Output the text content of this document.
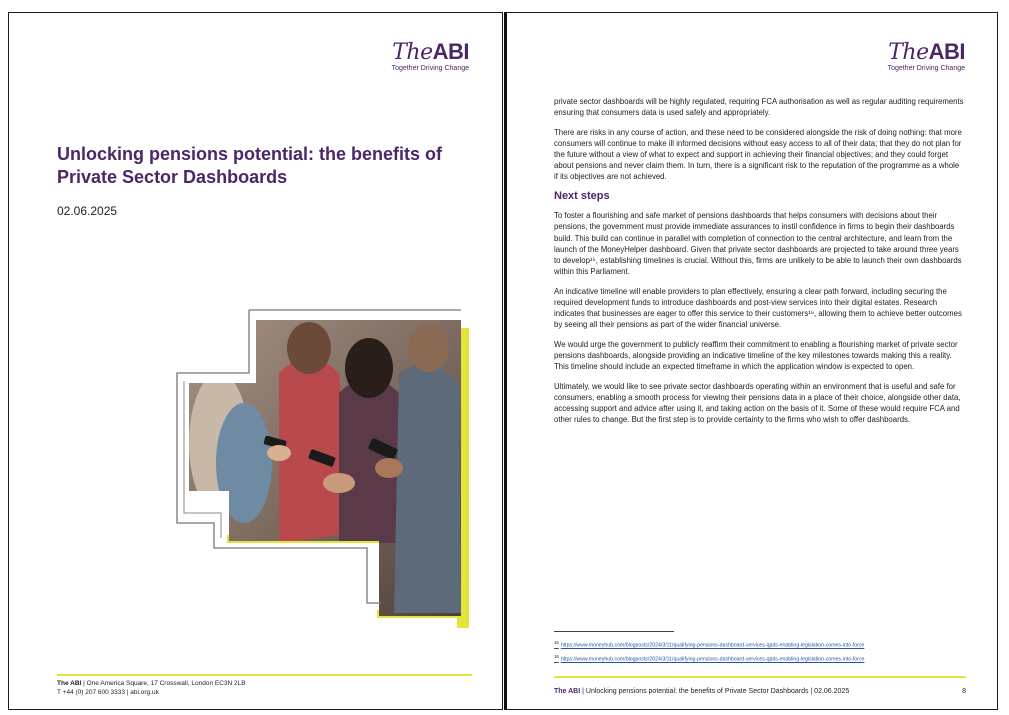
TheABI
Together Driving Change
Unlocking pensions potential: the benefits of Private Sector Dashboards
02.06.2025
The ABI | One America Square, 17 Crosswall, London EC3N 2LB
T +44 (0) 207 600 3333 | abi.org.uk
TheABI
Together Driving Change

private sector dashboards will be highly regulated, requiring FCA authorisation as well as regular auditing requirements ensuring that consumers data is used safely and appropriately.

There are risks in any course of action, and these need to be considered alongside the risk of doing nothing: that more consumers will continue to make ill informed decisions without easy access to all of their data; that they do not plan for the future without a view of what to expect and support in achieving their financial objectives; and they could forget about pensions and never claim them. In turn, there is a significant risk to the reputation of the programme as a whole if its objectives are not achieved.

Next steps

To foster a flourishing and safe market of pensions dashboards that helps consumers with decisions about their pensions, the government must provide immediate assurances to instil confidence in firms to begin their dashboards build. This build can continue in parallel with completion of connection to the central architecture, and learn from the launch of the MoneyHelper dashboard. Given that private sector dashboards are projected to take around three years to develop¹⁵, establishing timelines is crucial. Without this, firms are unlikely to be able to launch their own dashboards within this Parliament.

An indicative timeline will enable providers to plan effectively, ensuring a clear path forward, including securing the required development funds to introduce dashboards and post-view services into their digital estates. Research indicates that businesses are eager to offer this service to their customers¹⁶, allowing them to achieve better outcomes by seeing all their pensions as part of the wider financial universe.

We would urge the government to publicly reaffirm their commitment to enabling a flourishing market of private sector pensions dashboards, alongside providing an indicative timeline of the key milestones towards making this a reality. This timeline should include an expected timeframe in which the application window is expected to open.

Ultimately, we would like to see private sector dashboards operating within an environment that is useful and safe for consumers, enabling a smooth process for viewing their pensions data in a place of their choice, alongside other data, accessing support and advice after using it, and taking action on the basis of it. Some of these would require FCA and other rules to change. But the first step is to provide certainty to the firms who wish to offer dashboards.

$^{15}$https://www.moneyhub.com/blogposts/2024/3/11/qualifying-pensions-dashboard-services-qpds-enabling-legislation-comes-into-force
$^{16}$https://www.moneyhub.com/blogposts/2024/3/11/qualifying-pensions-dashboard-services-qpds-enabling-legislation-comes-into-force
The ABI | Unlocking pensions potential: the benefits of Private Sector Dashboards | 02.06.2025	8
